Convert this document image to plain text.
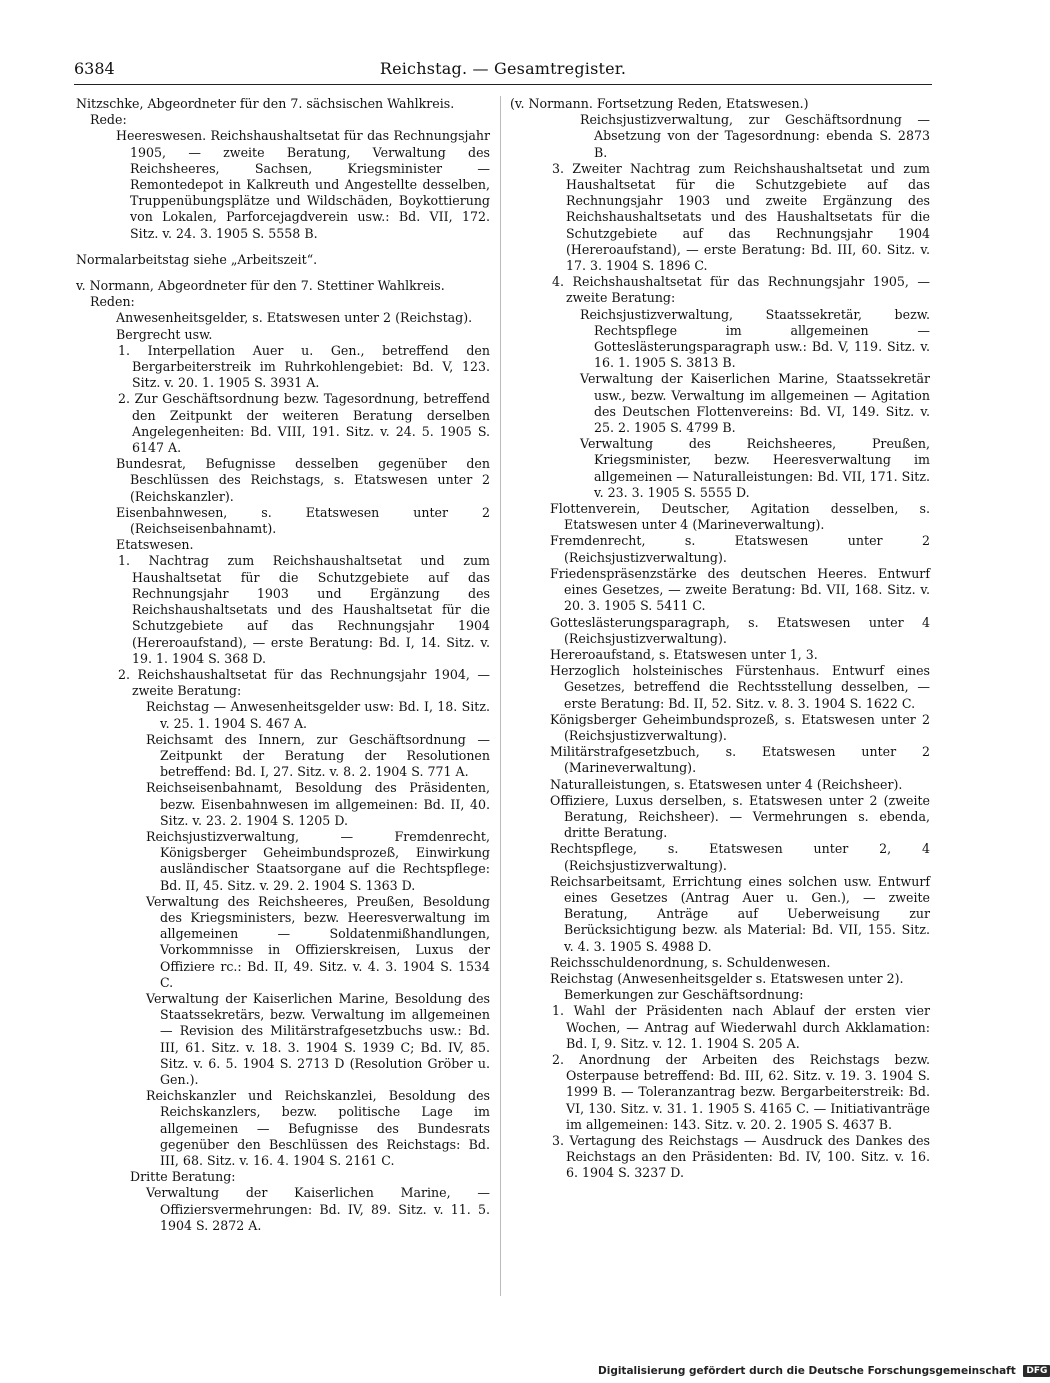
6384	Reichstag. — Gesamtregister.

Nitzschke, Abgeordneter für den 7. sächsischen Wahlkreis.

Rede:

Heereswesen. Reichshaushaltsetat für das Rechnungsjahr 1905, — zweite Beratung, Verwaltung des Reichsheeres, Sachsen, Kriegsminister — Remontedepot in Kalkreuth und Angestellte desselben, Truppenübungsplätze und Wildschäden, Boykottierung von Lokalen, Parforcejagdverein usw.: Bd. VII, 172. Sitz. v. 24. 3. 1905 S. 5558 B.

Normalarbeitstag siehe „Arbeitszeit“.

v. Normann, Abgeordneter für den 7. Stettiner Wahlkreis.

Reden:

Anwesenheitsgelder, s. Etatswesen unter 2 (Reichstag).

Bergrecht usw.

1. Interpellation Auer u. Gen., betreffend den Bergarbeiterstreik im Ruhrkohlengebiet: Bd. V, 123. Sitz. v. 20. 1. 1905 S. 3931 A.

2. Zur Geschäftsordnung bezw. Tagesordnung, betreffend den Zeitpunkt der weiteren Beratung derselben Angelegenheiten: Bd. VIII, 191. Sitz. v. 24. 5. 1905 S. 6147 A.

Bundesrat, Befugnisse desselben gegenüber den Beschlüssen des Reichstags, s. Etatswesen unter 2 (Reichskanzler).

Eisenbahnwesen, s. Etatswesen unter 2 (Reichseisenbahnamt).

Etatswesen.

1. Nachtrag zum Reichshaushaltsetat und zum Haushaltsetat für die Schutzgebiete auf das Rechnungsjahr 1903 und Ergänzung des Reichshaushaltsetats und des Haushaltsetat für die Schutzgebiete auf das Rechnungsjahr 1904 (Hereroaufstand), — erste Beratung: Bd. I, 14. Sitz. v. 19. 1. 1904 S. 368 D.

2. Reichshaushaltsetat für das Rechnungsjahr 1904, — zweite Beratung:

Reichstag — Anwesenheitsgelder usw: Bd. I, 18. Sitz. v. 25. 1. 1904 S. 467 A.

Reichsamt des Innern, zur Geschäftsordnung — Zeitpunkt der Beratung der Resolutionen betreffend: Bd. I, 27. Sitz. v. 8. 2. 1904 S. 771 A.

Reichseisenbahnamt, Besoldung des Präsidenten, bezw. Eisenbahnwesen im allgemeinen: Bd. II, 40. Sitz. v. 23. 2. 1904 S. 1205 D.

Reichsjustizverwaltung, — Fremdenrecht, Königsberger Geheimbundsprozeß, Einwirkung ausländischer Staatsorgane auf die Rechtspflege: Bd. II, 45. Sitz. v. 29. 2. 1904 S. 1363 D.

Verwaltung des Reichsheeres, Preußen, Besoldung des Kriegsministers, bezw. Heeresverwaltung im allgemeinen — Soldatenmißhandlungen, Vorkommnisse in Offizierskreisen, Luxus der Offiziere rc.: Bd. II, 49. Sitz. v. 4. 3. 1904 S. 1534 C.

Verwaltung der Kaiserlichen Marine, Besoldung des Staatssekretärs, bezw. Verwaltung im allgemeinen — Revision des Militärstrafgesetzbuchs usw.: Bd. III, 61. Sitz. v. 18. 3. 1904 S. 1939 C; Bd. IV, 85. Sitz. v. 6. 5. 1904 S. 2713 D (Resolution Gröber u. Gen.).

Reichskanzler und Reichskanzlei, Besoldung des Reichskanzlers, bezw. politische Lage im allgemeinen — Befugnisse des Bundesrats gegenüber den Beschlüssen des Reichstags: Bd. III, 68. Sitz. v. 16. 4. 1904 S. 2161 C.

Dritte Beratung:

Verwaltung der Kaiserlichen Marine, — Offiziersvermehrungen: Bd. IV, 89. Sitz. v. 11. 5. 1904 S. 2872 A.

(v. Normann. Fortsetzung Reden, Etatswesen.)

Reichsjustizverwaltung, zur Geschäftsordnung — Absetzung von der Tagesordnung: ebenda S. 2873 B.

3. Zweiter Nachtrag zum Reichshaushaltsetat und zum Haushaltsetat für die Schutzgebiete auf das Rechnungsjahr 1903 und zweite Ergänzung des Reichshaushaltsetats und des Haushaltsetats für die Schutzgebiete auf das Rechnungsjahr 1904 (Hereroaufstand), — erste Beratung: Bd. III, 60. Sitz. v. 17. 3. 1904 S. 1896 C.

4. Reichshaushaltsetat für das Rechnungsjahr 1905, — zweite Beratung:

Reichsjustizverwaltung, Staatssekretär, bezw. Rechtspflege im allgemeinen — Gotteslästerungsparagraph usw.: Bd. V, 119. Sitz. v. 16. 1. 1905 S. 3813 B.

Verwaltung der Kaiserlichen Marine, Staatssekretär usw., bezw. Verwaltung im allgemeinen — Agitation des Deutschen Flottenvereins: Bd. VI, 149. Sitz. v. 25. 2. 1905 S. 4799 B.

Verwaltung des Reichsheeres, Preußen, Kriegsminister, bezw. Heeresverwaltung im allgemeinen — Naturalleistungen: Bd. VII, 171. Sitz. v. 23. 3. 1905 S. 5555 D.

Flottenverein, Deutscher, Agitation desselben, s. Etatswesen unter 4 (Marineverwaltung).

Fremdenrecht, s. Etatswesen unter 2 (Reichsjustizverwaltung).

Friedenspräsenzstärke des deutschen Heeres. Entwurf eines Gesetzes, — zweite Beratung: Bd. VII, 168. Sitz. v. 20. 3. 1905 S. 5411 C.

Gotteslästerungsparagraph, s. Etatswesen unter 4 (Reichsjustizverwaltung).

Hereroaufstand, s. Etatswesen unter 1, 3.

Herzoglich holsteinisches Fürstenhaus. Entwurf eines Gesetzes, betreffend die Rechtsstellung desselben, — erste Beratung: Bd. II, 52. Sitz. v. 8. 3. 1904 S. 1622 C.

Königsberger Geheimbundsprozeß, s. Etatswesen unter 2 (Reichsjustizverwaltung).

Militärstrafgesetzbuch, s. Etatswesen unter 2 (Marineverwaltung).

Naturalleistungen, s. Etatswesen unter 4 (Reichsheer).

Offiziere, Luxus derselben, s. Etatswesen unter 2 (zweite Beratung, Reichsheer). — Vermehrungen s. ebenda, dritte Beratung.

Rechtspflege, s. Etatswesen unter 2, 4 (Reichsjustizverwaltung).

Reichsarbeitsamt, Errichtung eines solchen usw. Entwurf eines Gesetzes (Antrag Auer u. Gen.), — zweite Beratung, Anträge auf Ueberweisung zur Berücksichtigung bezw. als Material: Bd. VII, 155. Sitz. v. 4. 3. 1905 S. 4988 D.

Reichsschuldenordnung, s. Schuldenwesen.

Reichstag (Anwesenheitsgelder s. Etatswesen unter 2).

Bemerkungen zur Geschäftsordnung:

1. Wahl der Präsidenten nach Ablauf der ersten vier Wochen, — Antrag auf Wiederwahl durch Akklamation: Bd. I, 9. Sitz. v. 12. 1. 1904 S. 205 A.

2. Anordnung der Arbeiten des Reichstags bezw. Osterpause betreffend: Bd. III, 62. Sitz. v. 19. 3. 1904 S. 1999 B. — Toleranzantrag bezw. Bergarbeiterstreik: Bd. VI, 130. Sitz. v. 31. 1. 1905 S. 4165 C. — Initiativanträge im allgemeinen: 143. Sitz. v. 20. 2. 1905 S. 4637 B.

3. Vertagung des Reichstags — Ausdruck des Dankes des Reichstags an den Präsidenten: Bd. IV, 100. Sitz. v. 16. 6. 1904 S. 3237 D.

Digitalisierung gefördert durch die Deutsche Forschungsgemeinschaft DFG
